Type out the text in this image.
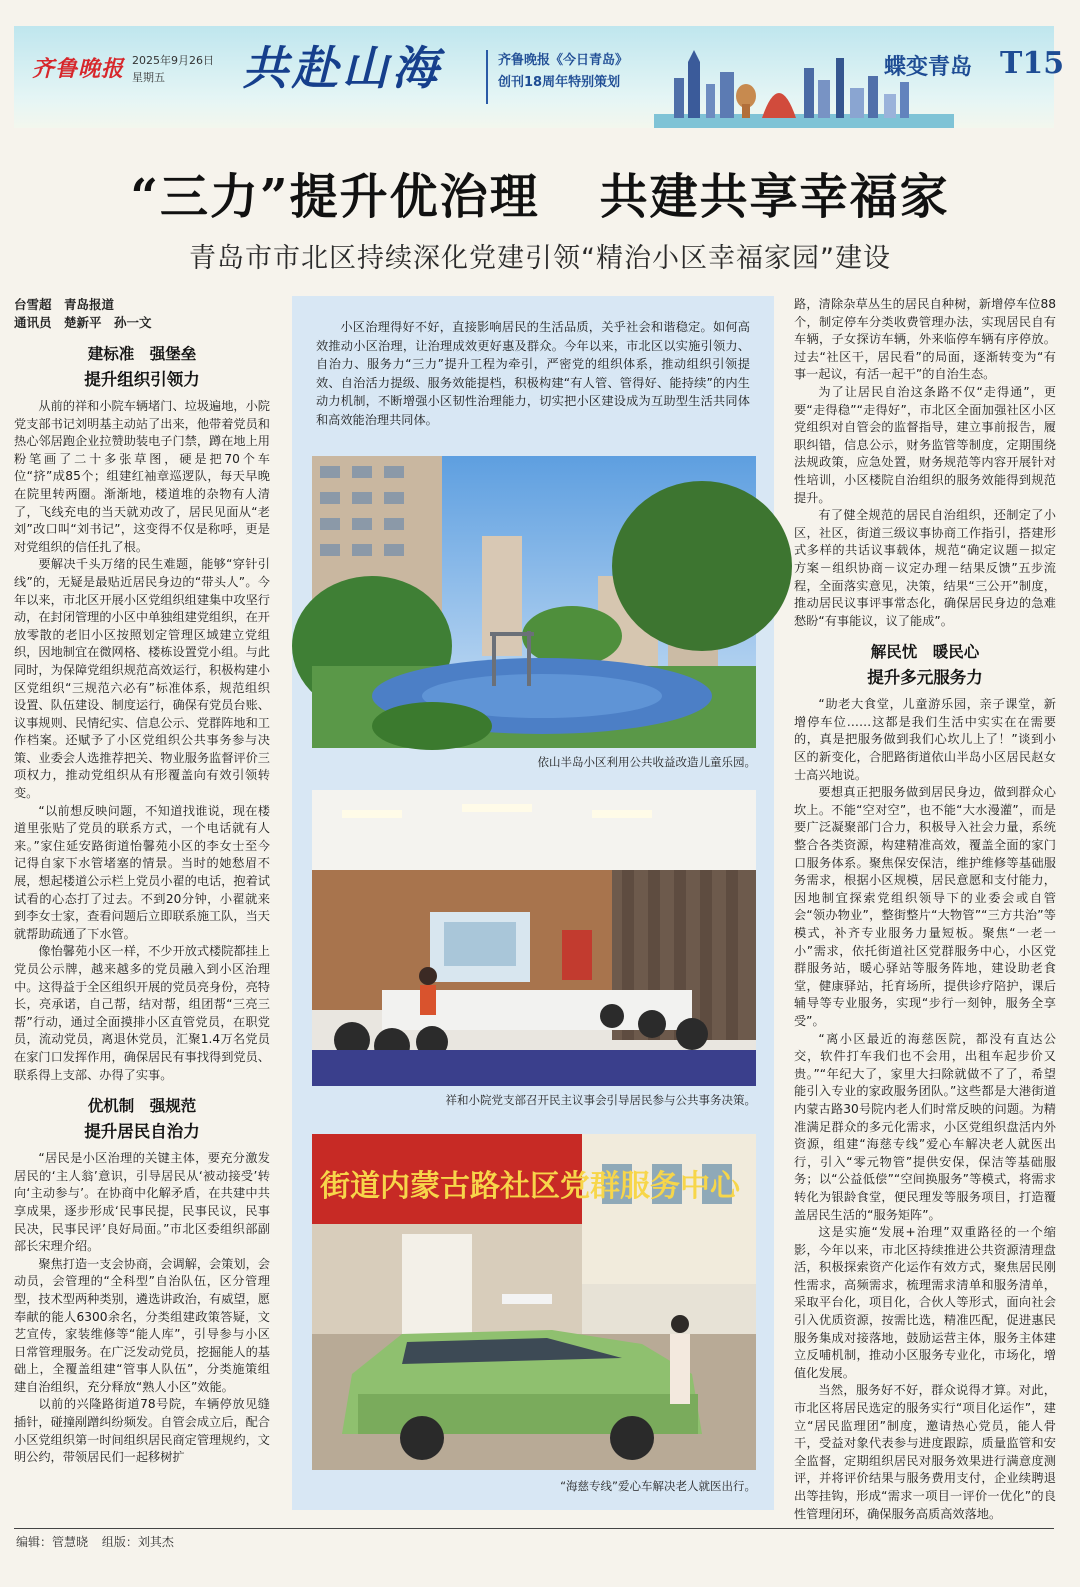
齐鲁晚报 2025年9月26日
星期五	共赴山海	齐鲁晚报《今日青岛》
创刊18周年特别策划
蝶变青岛 T15
“三力”提升优治理 共建共享幸福家
青岛市市北区持续深化党建引领“精治小区幸福家园”建设

台雪超　青岛报道

通讯员　楚新平　孙一文

建标准　强堡垒
提升组织引领力

从前的祥和小院车辆堵门、垃圾遍地，小院党支部书记刘明基主动站了出来，他带着党员和热心邻居跑企业拉赞助装电子门禁，蹲在地上用粉笔画了二十多张草图，硬是把70个车位“挤”成85个；组建红袖章巡逻队，每天早晚在院里转两圈。渐渐地，楼道堆的杂物有人清了，飞线充电的当天就劝改了，居民见面从“老刘”改口叫“刘书记”，这变得不仅是称呼，更是对党组织的信任扎了根。

要解决千头万绪的民生难题，能够“穿针引线”的，无疑是最贴近居民身边的“带头人”。今年以来，市北区开展小区党组织组建集中攻坚行动，在封闭管理的小区中单独组建党组织，在开放零散的老旧小区按照划定管理区域建立党组织，因地制宜在微网格、楼栋设置党小组。与此同时，为保障党组织规范高效运行，积极构建小区党组织“三规范六必有”标准体系，规范组织设置、队伍建设、制度运行，确保有党员台账、议事规则、民情纪实、信息公示、党群阵地和工作档案。还赋予了小区党组织公共事务参与决策、业委会人选推荐把关、物业服务监督评价三项权力，推动党组织从有形覆盖向有效引领转变。

“以前想反映问题，不知道找谁说，现在楼道里张贴了党员的联系方式，一个电话就有人来。”家住延安路街道怡馨苑小区的李女士至今记得自家下水管堵塞的情景。当时的她愁眉不展，想起楼道公示栏上党员小翟的电话，抱着试试看的心态打了过去。不到20分钟，小翟就来到李女士家，查看问题后立即联系施工队，当天就帮助疏通了下水管。

像怡馨苑小区一样，不少开放式楼院都挂上党员公示牌，越来越多的党员融入到小区治理中。这得益于全区组织开展的党员亮身份，亮特长，亮承诺，自己帮，结对帮，组团帮“三亮三帮”行动，通过全面摸排小区直管党员，在职党员，流动党员，离退休党员，汇聚1.4万名党员在家门口发挥作用，确保居民有事找得到党员、联系得上支部、办得了实事。

优机制　强规范
提升居民自治力

“居民是小区治理的关键主体，要充分激发居民的‘主人翁’意识，引导居民从‘被动接受’转向‘主动参与’。在协商中化解矛盾，在共建中共享成果，逐步形成‘民事民提，民事民议，民事民决，民事民评’良好局面。”市北区委组织部副部长宋理介绍。

聚焦打造一支会协商，会调解，会策划，会动员，会管理的“全科型”自治队伍，区分管理型，技术型两种类别，遴选讲政治，有威望，愿奉献的能人6300余名，分类组建政策答疑，文艺宣传，家装维修等“能人库”，引导参与小区日常管理服务。在广泛发动党员，挖掘能人的基础上，全覆盖组建“管事人队伍”，分类施策组建自治组织，充分释放“熟人小区”效能。

以前的兴隆路街道78号院，车辆停放见缝插针，碰撞剐蹭纠纷频发。自管会成立后，配合小区党组织第一时间组织居民商定管理规约，文明公约，带领居民们一起移树扩

小区治理得好不好，直接影响居民的生活品质，关乎社会和谐稳定。如何高效推动小区治理，让治理成效更好惠及群众。今年以来，市北区以实施引领力、自治力、服务力“三力”提升工程为牵引，严密党的组织体系，推动组织引领提效、自治活力提级、服务效能提档，积极构建“有人管、管得好、能持续”的内生动力机制，不断增强小区韧性治理能力，切实把小区建设成为互助型生活共同体和高效能治理共同体。
依山半岛小区利用公共收益改造儿童乐园。
祥和小院党支部召开民主议事会引导居民参与公共事务决策。
街道内蒙古路社区党群服务中心
“海慈专线”爱心车解决老人就医出行。

路，清除杂草丛生的居民自种树，新增停车位88个，制定停车分类收费管理办法，实现居民自有车辆，子女探访车辆，外来临停车辆有序停放。过去“社区干，居民看”的局面，逐渐转变为“有事一起议，有活一起干”的自治生态。

为了让居民自治这条路不仅“走得通”，更要“走得稳”“走得好”，市北区全面加强社区小区党组织对自管会的监督指导，建立事前报告，履职纠错，信息公示，财务监管等制度，定期围绕法规政策，应急处置，财务规范等内容开展针对性培训，小区楼院自治组织的服务效能得到规范提升。

有了健全规范的居民自治组织，还制定了小区，社区，街道三级议事协商工作指引，搭建形式多样的共话议事载体，规范“确定议题－拟定方案－组织协商－议定办理－结果反馈”五步流程，全面落实意见，决策，结果“三公开”制度，推动居民议事评事常态化，确保居民身边的急难愁盼“有事能议，议了能成”。

解民忧　暖民心
提升多元服务力

“助老大食堂，儿童游乐园，亲子课堂，新增停车位……这都是我们生活中实实在在需要的，真是把服务做到我们心坎儿上了！”谈到小区的新变化，合肥路街道依山半岛小区居民赵女士高兴地说。

要想真正把服务做到居民身边，做到群众心坎上。不能“空对空”，也不能“大水漫灌”，而是要广泛凝聚部门合力，积极导入社会力量，系统整合各类资源，构建精准高效，覆盖全面的家门口服务体系。聚焦保安保洁，维护维修等基础服务需求，根据小区规模，居民意愿和支付能力，因地制宜探索党组织领导下的业委会或自管会“领办物业”，整街整片“大物管”“三方共治”等模式，补齐专业服务力量短板。聚焦“一老一小”需求，依托街道社区党群服务中心，小区党群服务站，暖心驿站等服务阵地，建设助老食堂，健康驿站，托育场所，提供诊疗陪护，课后辅导等专业服务，实现“步行一刻钟，服务全享受”。

“离小区最近的海慈医院，都没有直达公交，软件打车我们也不会用，出租车起步价又贵。”“年纪大了，家里大扫除就做不了了，希望能引入专业的家政服务团队。”这些都是大港街道内蒙古路30号院内老人们时常反映的问题。为精准满足群众的多元化需求，小区党组织盘活内外资源，组建“海慈专线”爱心车解决老人就医出行，引入“零元物管”提供安保，保洁等基础服务；以“公益低偿”“空间换服务”等模式，将需求转化为银龄食堂，便民理发等服务项目，打造覆盖居民生活的“服务矩阵”。

这是实施“发展+治理”双重路径的一个缩影，今年以来，市北区持续推进公共资源清理盘活，积极探索资产化运作有效方式，聚焦居民刚性需求，高频需求，梳理需求清单和服务清单，采取平台化，项目化，合伙人等形式，面向社会引入优质资源，按需比选，精准匹配，促进惠民服务集成对接落地，鼓励运营主体，服务主体建立反哺机制，推动小区服务专业化，市场化，增值化发展。

当然，服务好不好，群众说得才算。对此，市北区将居民选定的服务实行“项目化运作”，建立“居民监理团”制度，邀请热心党员，能人骨干，受益对象代表参与进度跟踪，质量监管和安全监督，定期组织居民对服务效果进行满意度测评，并将评价结果与服务费用支付，企业续聘退出等挂钩，形成“需求一项目一评价一优化”的良性管理闭环，确保服务高质高效落地。

编辑：管慧晓 组版：刘其杰
